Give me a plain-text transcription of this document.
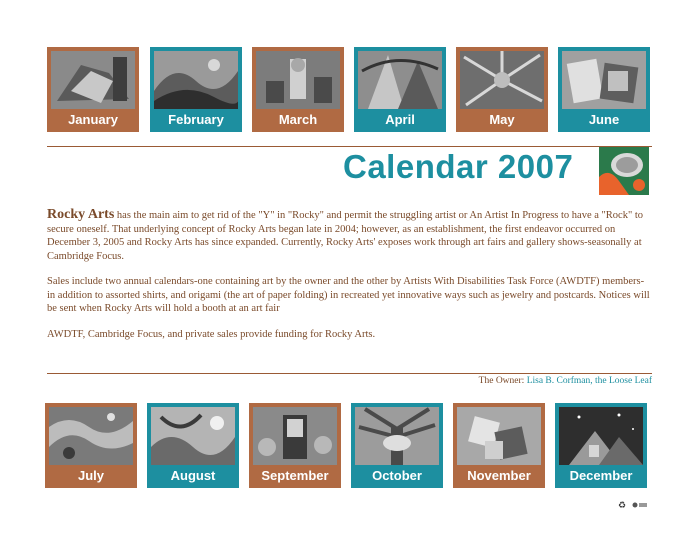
January	February	March	April	May	June
Calendar 2007

Rocky Arts has the main aim to get rid of the "Y" in "Rocky" and permit the struggling artist or An Artist In Progress to have a "Rock" to secure oneself. That underlying concept of Rocky Arts began late in 2004; however, as an establishment, the first endeavor occurred on December 3, 2005 and Rocky Arts has since expanded. Currently, Rocky Arts' exposes work through art fairs and gallery shows-seasonally at Cambridge Focus.

Sales include two annual calendars-one containing art by the owner and the other by Artists With Disabilities Task Force (AWDTF) members- in addition to assorted shirts, and origami (the art of paper folding) in recreated yet innovative ways such as jewelry and postcards. Notices will be sent when Rocky Arts will hold a booth at an art fair

AWDTF, Cambridge Focus, and private sales provide funding for Rocky Arts.

The Owner: Lisa B. Corfman, the Loose Leaf
July	August	September	October	November	December
♻
